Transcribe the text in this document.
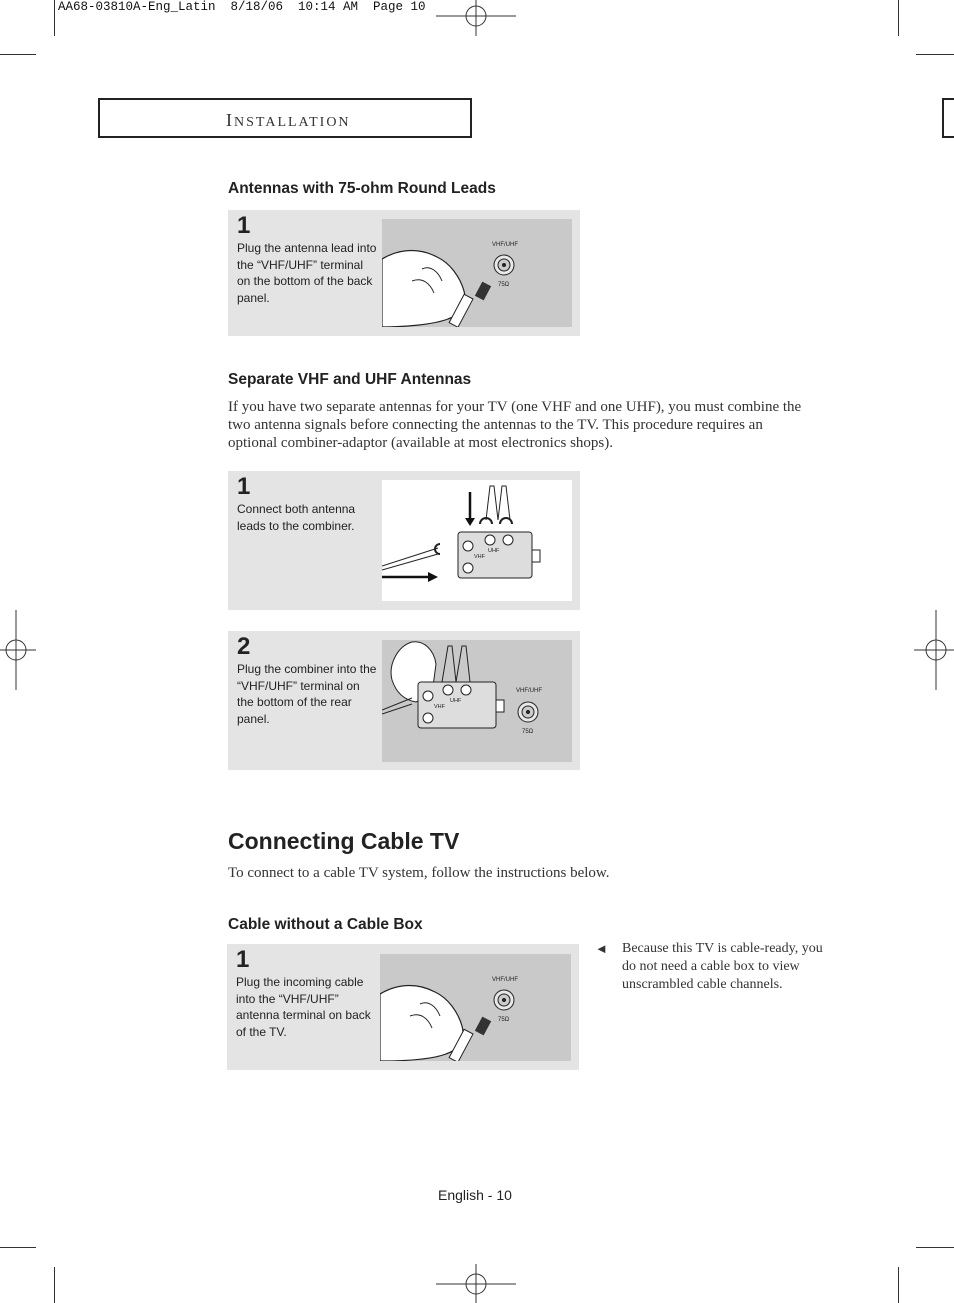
AA68-03810A-Eng_Latin  8/18/06  10:14 AM  Page 10
INSTALLATION
Antennas with 75-ohm Round Leads
1
Plug the antenna lead into the “VHF/UHF” terminal on the bottom of the back panel.
VHF/UHF
75Ω
Separate VHF and UHF Antennas
If you have two separate antennas for your TV (one VHF and one UHF), you must combine the two antenna signals before connecting the antennas to the TV. This procedure requires an optional combiner-adaptor (available at most electronics shops).
1
Connect both antenna leads to the combiner.
VHF
UHF
2
Plug the combiner into the “VHF/UHF” terminal on the bottom of the rear panel.
VHF
UHF
VHF/UHF
75Ω
Connecting Cable TV
To connect to a cable TV system, follow the instructions below.
Cable without a Cable Box
1
Plug the incoming cable into the “VHF/UHF” antenna terminal on back of the TV.
VHF/UHF
75Ω
◄ Because this TV is cable-ready, you do not need a cable box to view unscrambled cable channels.
English - 10
